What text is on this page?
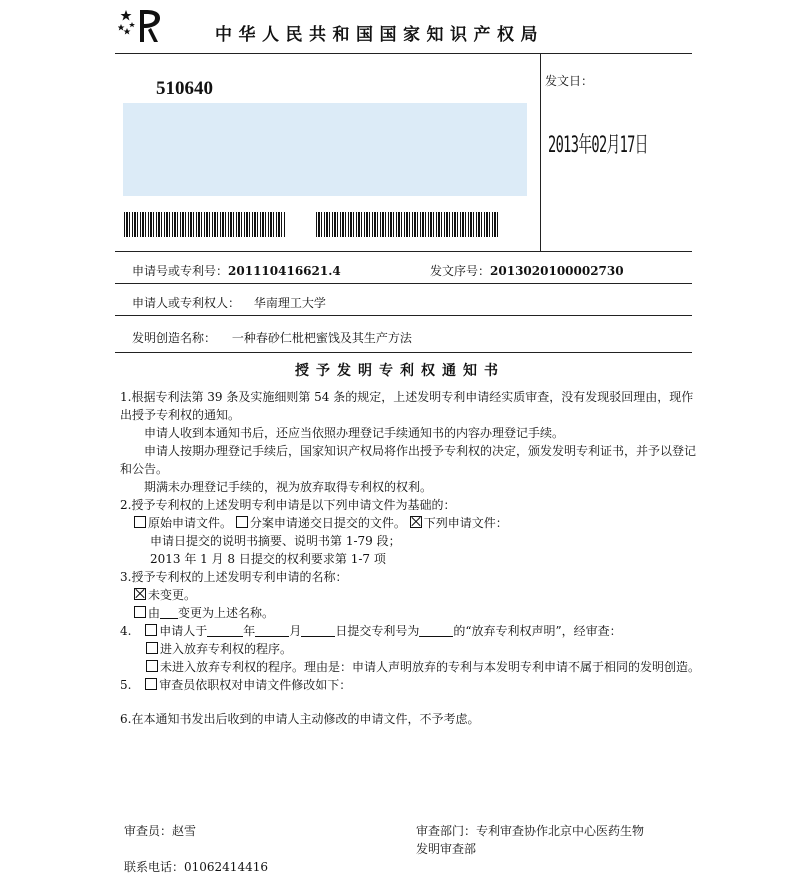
中华人民共和国国家知识产权局
510640	发文日：
2013年02月17日
申请号或专利号：201110416621.4	发文序号：2013020100002730
申请人或专利权人： 华南理工大学
发明创造名称： 一种春砂仁枇杷蜜饯及其生产方法
授予发明专利权通知书
1.根据专利法第 39 条及实施细则第 54 条的规定，上述发明专利申请经实质审查，没有发现驳回理由，现作
出授予专利权的通知。
申请人收到本通知书后，还应当依照办理登记手续通知书的内容办理登记手续。
申请人按期办理登记手续后，国家知识产权局将作出授予专利权的决定，颁发发明专利证书，并予以登记
和公告。
期满未办理登记手续的，视为放弃取得专利权的权利。
2.授予专利权的上述发明专利申请是以下列申请文件为基础的：
原始申请文件。 分案申请递交日提交的文件。 下列申请文件：
申请日提交的说明书摘要、说明书第 1-79 段；
2013 年 1 月 8 日提交的权利要求第 1-7 项
3.授予专利权的上述发明专利申请的名称：
未变更。
由 变更为上述名称。
4. 申请人于	年	月	日提交专利号为	的“放弃专利权声明”，经审查：
进入放弃专利权的程序。
未进入放弃专利权的程序。理由是：申请人声明放弃的专利与本发明专利申请不属于相同的发明创造。
5. 审查员依职权对申请文件修改如下：
6.在本通知书发出后收到的申请人主动修改的申请文件，不予考虑。
审查员：赵雪	审查部门：专利审查协作北京中心医药生物
发明审查部
联系电话：01062414416
